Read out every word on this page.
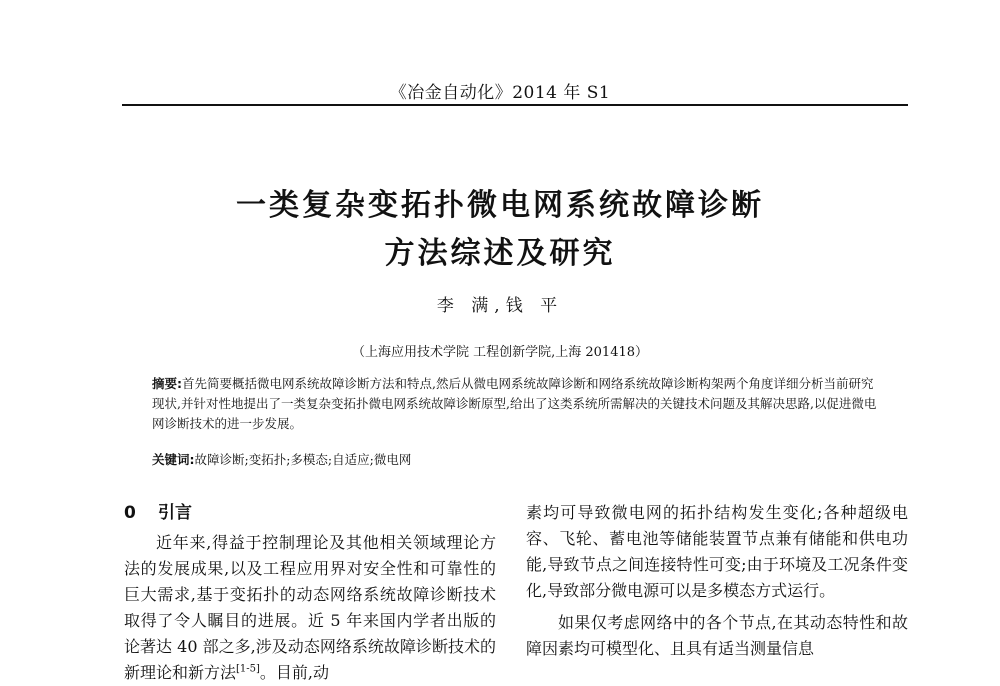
《冶金自动化》2014 年 S1
一类复杂变拓扑微电网系统故障诊断
方法综述及研究
李 满,钱 平
（上海应用技术学院 工程创新学院,上海 201418）
摘要:首先简要概括微电网系统故障诊断方法和特点,然后从微电网系统故障诊断和网络系统故障诊断构架两个角度详细分析当前研究现状,并针对性地提出了一类复杂变拓扑微电网系统故障诊断原型,给出了这类系统所需解决的关键技术问题及其解决思路,以促进微电网诊断技术的进一步发展。
关键词:故障诊断;变拓扑;多模态;自适应;微电网
0 引言

近年来,得益于控制理论及其他相关领域理论方法的发展成果,以及工程应用界对安全性和可靠性的巨大需求,基于变拓扑的动态网络系统故障诊断技术取得了令人瞩目的进展。近 5 年来国内学者出版的论著达 40 部之多,涉及动态网络系统故障诊断技术的新理论和新方法[1-5]。目前,动

素均可导致微电网的拓扑结构发生变化;各种超级电容、飞轮、蓄电池等储能装置节点兼有储能和供电功能,导致节点之间连接特性可变;由于环境及工况条件变化,导致部分微电源可以是多模态方式运行。

如果仅考虑网络中的各个节点,在其动态特性和故障因素均可模型化、且具有适当测量信息
